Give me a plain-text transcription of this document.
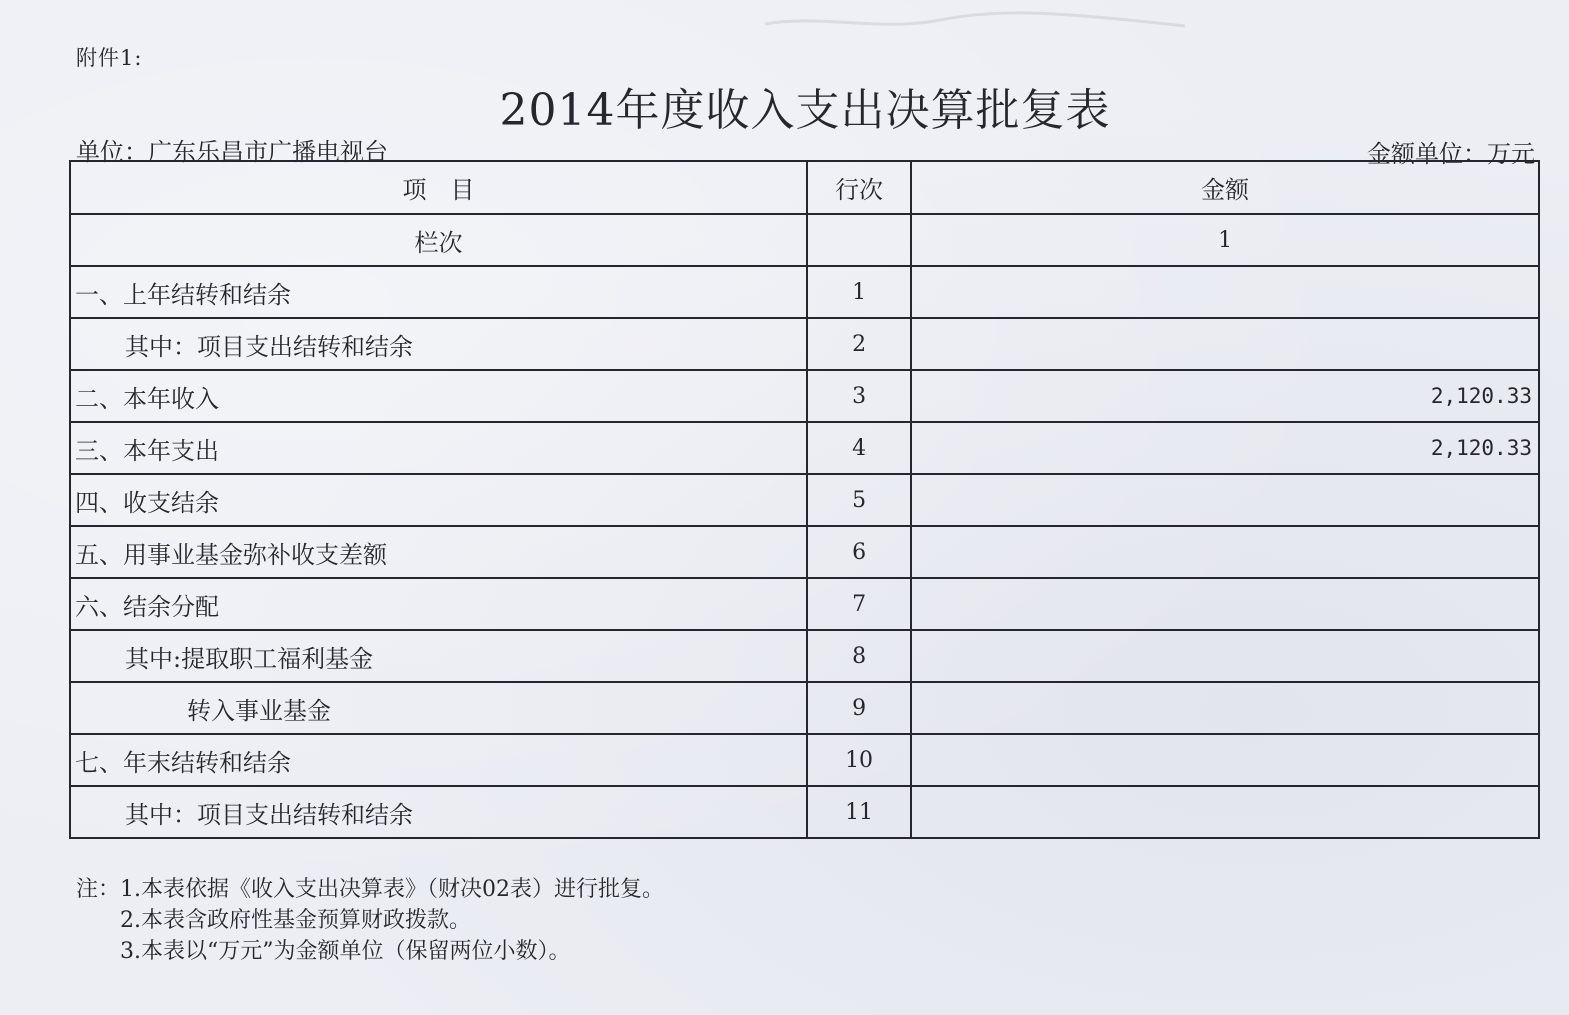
附件1:
2014年度收入支出决算批复表
单位：广东乐昌市广播电视台	金额单位：万元
项　目	行次	金额
栏次		1
一、上年结转和结余	1	
其中：项目支出结转和结余	2	
二、本年收入	3	2,120.33
三、本年支出	4	2,120.33
四、收支结余	5	
五、用事业基金弥补收支差额	6	
六、结余分配	7	
其中:提取职工福利基金	8	
转入事业基金	9	
七、年末结转和结余	10	
其中：项目支出结转和结余	11	
注：1.本表依据《收入支出决算表》（财决02表）进行批复。
2.本表含政府性基金预算财政拨款。
3.本表以“万元”为金额单位（保留两位小数）。
